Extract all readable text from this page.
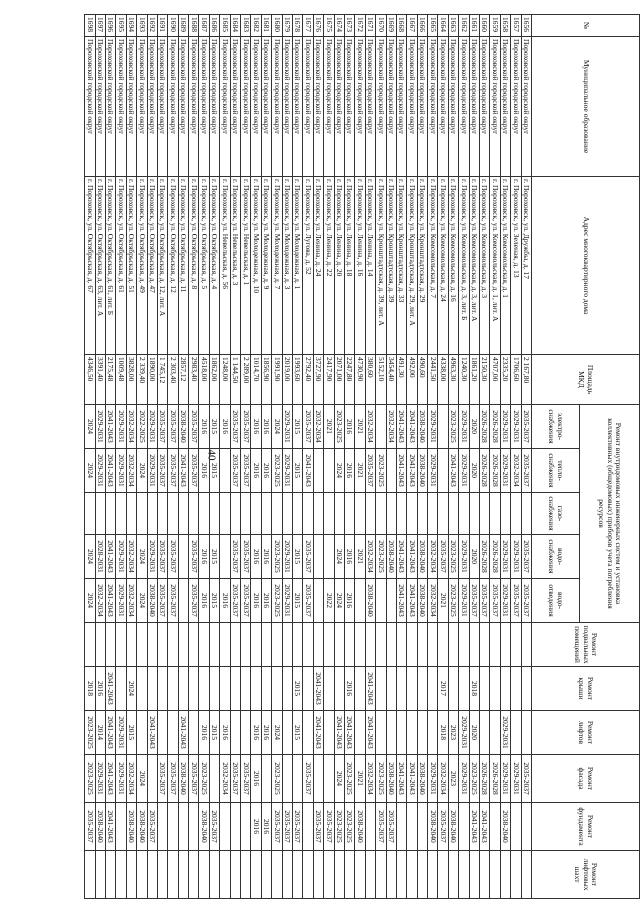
40
№	Муниципальное образование	Адрес многоквартирного дома	Площадь МКД	Ремонт внутридомовых инженерных систем и установка коллективных (общедомовых) приборов учета потребления ресурсов					Ремонт подвальных помещений	Ремонт крыши	Ремонт лифтов	Ремонт фасада	Ремонт фундамента	Ремонт лифтовых шахт
				электро-снабжения	тепло-снабжения	газо-снабжения	водо-снабжения	водо-отведения						
1656	Пороховской городской округ	г. Пороховск, ул. Дружбы, д. 17	2 167,80	2035-2037	2035-2037		2035-2037	2035-2037				2035-2037		
1657	Пороховской городской округ	г. Пороховск, ул. Зеленая, д. 13	1706,60	2029-2031	2032-2034		2029-2031	2035-2037				2029-2031		
1658	Пороховской городской округ	г. Пороховск, ул. Комсомольская, д. 1	2335,20	2029-2031	2029-2031		2029-2031	2029-2031			2029-2031	2029-2031	2038-2040	
1659	Пороховской городской округ	г. Пороховск, ул. Комсомольская, д. 1, лит. А	4707,00	2026-2028	2026-2028		2026-2028	2035-2037				2026-2028		
1660	Пороховской городской округ	г. Пороховск, ул. Комсомольская, д. 3	2150,30	2026-2028	2026-2028		2026-2028	2035-2037				2026-2028	2041-2043	
1661	Пороховской городской округ	г. Пороховск, ул. Комсомольская, д. 3, лит. А	1861,20	2020	2020		2020	2035-2037		2018	2020	2023-2025	2041-2043	
1662	Пороховской городской округ	г. Пороховск, ул. Комсомольская, д. 3, лит. Б	1240,30	2029-2031	2029-2031		2029-2031	2029-2031			2029-2031	2029-2031		
1663	Пороховской городской округ	г. Пороховск, ул. Комсомольская, д. 16	4963,30	2023-2025	2041-2043		2023-2025	2023-2025			2023	2023	2038-2040	
1664	Пороховской городской округ	г. Пороховск, ул. Комсомольская, д. 24	4338,00				2035-2037	2021		2017	2018	2032-2034	2035-2037	
1665	Пороховской городской округ	г. Пороховск, ул. Комсомольская, д. 7	2441,50	2029-2031	2029-2031		2032-2034	2032-2034				2029-2031	2038-2040	
1666	Пороховской городской округ	г. Пороховск, ул. Кронштадтская, д. 29	490,60	2038-2040	2038-2040		2038-2040	2038-2040				2038-2040		
1667	Пороховской городской округ	г. Пороховск, ул. Кронштадтская, д. 29, лит. А	492,00	2041-2043	2041-2043		2041-2043	2041-2043				2041-2043		
1668	Пороховской городской округ	г. Пороховск, ул. Кронштадтская, д. 33	491,30	2041-2043	2041-2043		2041-2043	2041-2043				2041-2043		
1669	Пороховской городской округ	г. Пороховск, ул. Кронштадтская, д. 39	3454,40	2032-2034			2038-2040					2038-2040	2035-2037	
1670	Пороховской городской округ	г. Пороховск, ул. Кронштадтская, д. 39, лит. А	5152,10		2023-2025		2023-2025					2023-2025	2035-2037	
1671	Пороховской городской округ	г. Пороховск, ул. Ленина, д. 14	380,60	2032-2034	2035-2037		2032-2034	2038-2040		2041-2043	2041-2043	2032-2034		
1672	Пороховской городской округ	г. Пороховск, ул. Ленина, д. 16	4730,90	2021	2021		2021					2021	2038-2040	
1673	Пороховской городской округ	г. Пороховск, ул. Ленина, д. 18	2247,80	2016	2016		2016	2016		2016	2041-2043	2023-2025	2023-2025	
1674	Пороховской городской округ	г. Пороховск, ул. Ленина, д. 20	2071,00	2023-2025	2024		2024	2024			2041-2043	2024	2023-2025	
1675	Пороховской городской округ	г. Пороховск, ул. Ленина, д. 22	2417,90	2021				2022					2035-2037	
1676	Пороховской городской округ	г. Пороховск, ул. Ленина, д. 24	3727,90	2032-2034						2041-2043	2041-2043		2035-2037	
1677	Пороховской городской округ	г. Пороховск, ул. Лугова, д. 52	2792,40	2035-2037	2041-2043		2035-2037	2035-2037				2035-2037		
1678	Пороховской городской округ	г. Пороховск, ул. Молодежная, д. 1	1993,60	2015	2015		2015	2015		2015	2015		2035-2037	
1679	Пороховской городской округ	г. Пороховск, ул. Молодежная, д. 3	2019,00	2029-2031	2029-2031		2029-2031	2029-2031					2035-2037	
1680	Пороховской городской округ	г. Пороховск, ул. Молодежная, д. 7	1991,90	2024	2023-2025		2023-2025	2023-2025			2024	2023-2025	2035-2037	
1681	Пороховской городской округ	г. Пороховск, ул. Молодежная, д. 9	1856,90	2016	2016		2016	2016			2016		2016	
1682	Пороховской городской округ	г. Пороховск, ул. Молодежная, д. 10	1014,70	2016	2016		2016	2016			2016	2016	2016	
1683	Пороховской городской округ	г. Пороховск, ул. Невельская, д. 1	2 289,00	2035-2037	2035-2037		2035-2037	2035-2037				2035-2037		
1684	Пороховской городской округ	г. Пороховск, ул. Невельская, д. 3	1 144,50	2035-2037	2035-2037		2035-2037	2035-2037				2035-2037		
1685	Пороховской городской округ	г. Пороховск, ул. Невельская, д. 56	1248,00	2016				2016			2016	2032-2034		
1686	Пороховской городской округ	г. Пороховск, ул. Октябрьская, д. 4	1862,00	2015	2015		2015	2015			2015		2035-2037	
1687	Пороховской городской округ	г. Пороховск, ул. Октябрьская, д. 5	4518,00	2016	2016		2016	2016			2016	2023-2025	2038-2040	
1688	Пороховской городской округ	г. Пороховск, ул. Октябрьская, д. 8	2983,40	2035-2037	2035-2037		2035-2037	2035-2037				2035-2037		
1689	Пороховской городской округ	г. Пороховск, ул. Октябрьская, д. 11	2857,12	2038-2040	2041-2043						2041-2043	2038-2040		
1690	Пороховской городской округ	г. Пороховск, ул. Октябрьская, д. 12	2 303,40	2035-2037	2035-2037		2035-2037	2035-2037				2035-2037		
1691	Пороховской городской округ	г. Пороховск, ул. Октябрьская, д. 12, лит. А	1 745,12	2035-2037	2035-2037		2035-2037	2035-2037				2035-2037		
1692	Пороховской городской округ	г. Пороховск, ул. Октябрьская, д. 47	1890,00	2029-2031	2029-2031		2029-2031	2038-2040			2041-2043		2035-2037	
1693	Пороховской городской округ	г. Пороховск, ул. Октябрьская, д. 49	2 339,40	2022-2025	2024		2024	2024				2024	2038-2040	
1694	Пороховской городской округ	г. Пороховск, ул. Октябрьская, д. 51	3828,00	2032-2034	2032-2034		2032-2034	2032-2034		2024	2015	2032-2034	2038-2040	
1695	Пороховской городской округ	г. Пороховск, ул. Октябрьская, д. 61	1009,48	2029-2031	2029-2031		2029-2031	2029-2031			2029-2031	2029-2031		
1696	Пороховской городской округ	г. Пороховск, ул. Октябрьская, д. 61, лит. Б	2175,48	2041-2043	2041-2043		2041-2043	2041-2043		2041-2043	2041-2043	2041-2043	2041-2043	
1697	Пороховской городской округ	г. Пороховск, ул. Октябрьская, д. 63, лит. А	3391,40	2029-2031	2029-2031		2028-2031	2032-2034		2016	2014	2029-2031	2038-2040	
1698	Пороховской городской округ	г. Пороховск, ул. Октябрьская, д. 67	4346,50	2024	2024		2024	2024		2018	2023-2025	2023-2025	2035-2037	
